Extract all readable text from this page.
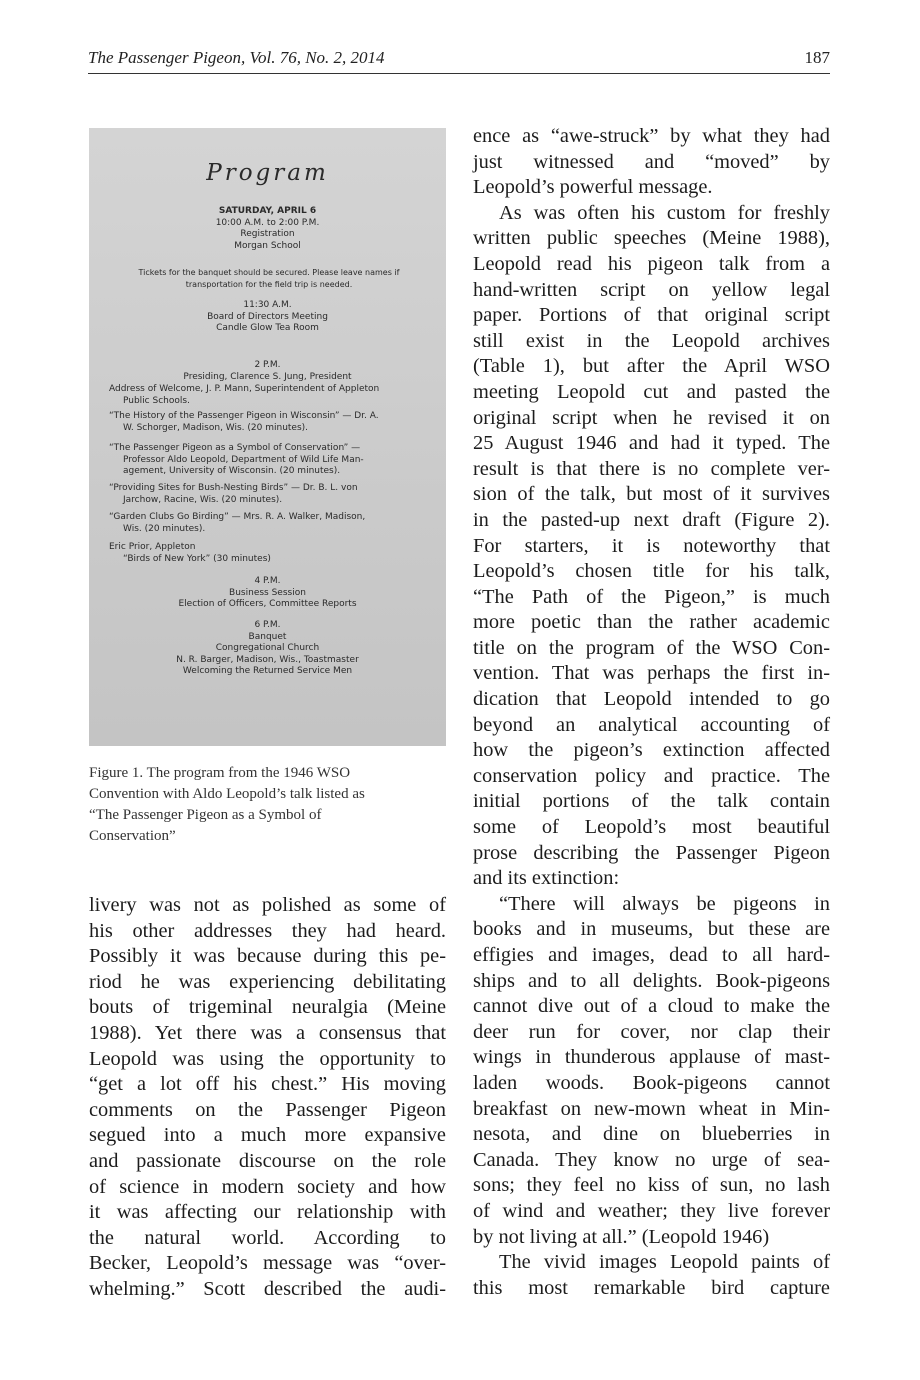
The Passenger Pigeon, Vol. 76, No. 2, 2014	187
Program
SATURDAY, APRIL 6
10:00 A.M. to 2:00 P.M.
Registration
Morgan School
Tickets for the banquet should be secured. Please leave names if
transportation for the field trip is needed.
11:30 A.M.
Board of Directors Meeting
Candle Glow Tea Room
2 P.M.
Presiding, Clarence S. Jung, President
Address of Welcome, J. P. Mann, Superintendent of Appleton
Public Schools.
“The History of the Passenger Pigeon in Wisconsin” — Dr. A.
W. Schorger, Madison, Wis. (20 minutes).
“The Passenger Pigeon as a Symbol of Conservation” —
Professor Aldo Leopold, Department of Wild Life Man-
agement, University of Wisconsin. (20 minutes).
“Providing Sites for Bush-Nesting Birds” — Dr. B. L. von
Jarchow, Racine, Wis. (20 minutes).
“Garden Clubs Go Birding” — Mrs. R. A. Walker, Madison,
Wis. (20 minutes).
Eric Prior, Appleton
“Birds of New York” (30 minutes)
4 P.M.
Business Session
Election of Officers, Committee Reports
6 P.M.
Banquet
Congregational Church
N. R. Barger, Madison, Wis., Toastmaster
Welcoming the Returned Service Men
Figure 1. The program from the 1946 WSO
Convention with Aldo Leopold’s talk listed as
“The Passenger Pigeon as a Symbol of
Conservation”
livery was not as polished as some of
his other addresses they had heard.
Possibly it was because during this pe-
riod he was experiencing debilitating
bouts of trigeminal neuralgia (Meine
1988). Yet there was a consensus that
Leopold was using the opportunity to
“get a lot off his chest.” His moving
comments on the Passenger Pigeon
segued into a much more expansive
and passionate discourse on the role
of science in modern society and how
it was affecting our relationship with
the natural world. According to
Becker, Leopold’s message was “over-
whelming.” Scott described the audi-
ence as “awe-struck” by what they had
just witnessed and “moved” by
Leopold’s powerful message.
As was often his custom for freshly
written public speeches (Meine 1988),
Leopold read his pigeon talk from a
hand-written script on yellow legal
paper. Portions of that original script
still exist in the Leopold archives
(Table 1), but after the April WSO
meeting Leopold cut and pasted the
original script when he revised it on
25 August 1946 and had it typed. The
result is that there is no complete ver-
sion of the talk, but most of it survives
in the pasted-up next draft (Figure 2).
For starters, it is noteworthy that
Leopold’s chosen title for his talk,
“The Path of the Pigeon,” is much
more poetic than the rather academic
title on the program of the WSO Con-
vention. That was perhaps the first in-
dication that Leopold intended to go
beyond an analytical accounting of
how the pigeon’s extinction affected
conservation policy and practice. The
initial portions of the talk contain
some of Leopold’s most beautiful
prose describing the Passenger Pigeon
and its extinction:
“There will always be pigeons in
books and in museums, but these are
effigies and images, dead to all hard-
ships and to all delights. Book-pigeons
cannot dive out of a cloud to make the
deer run for cover, nor clap their
wings in thunderous applause of mast-
laden woods. Book-pigeons cannot
breakfast on new-mown wheat in Min-
nesota, and dine on blueberries in
Canada. They know no urge of sea-
sons; they feel no kiss of sun, no lash
of wind and weather; they live forever
by not living at all.” (Leopold 1946)
The vivid images Leopold paints of
this most remarkable bird capture
